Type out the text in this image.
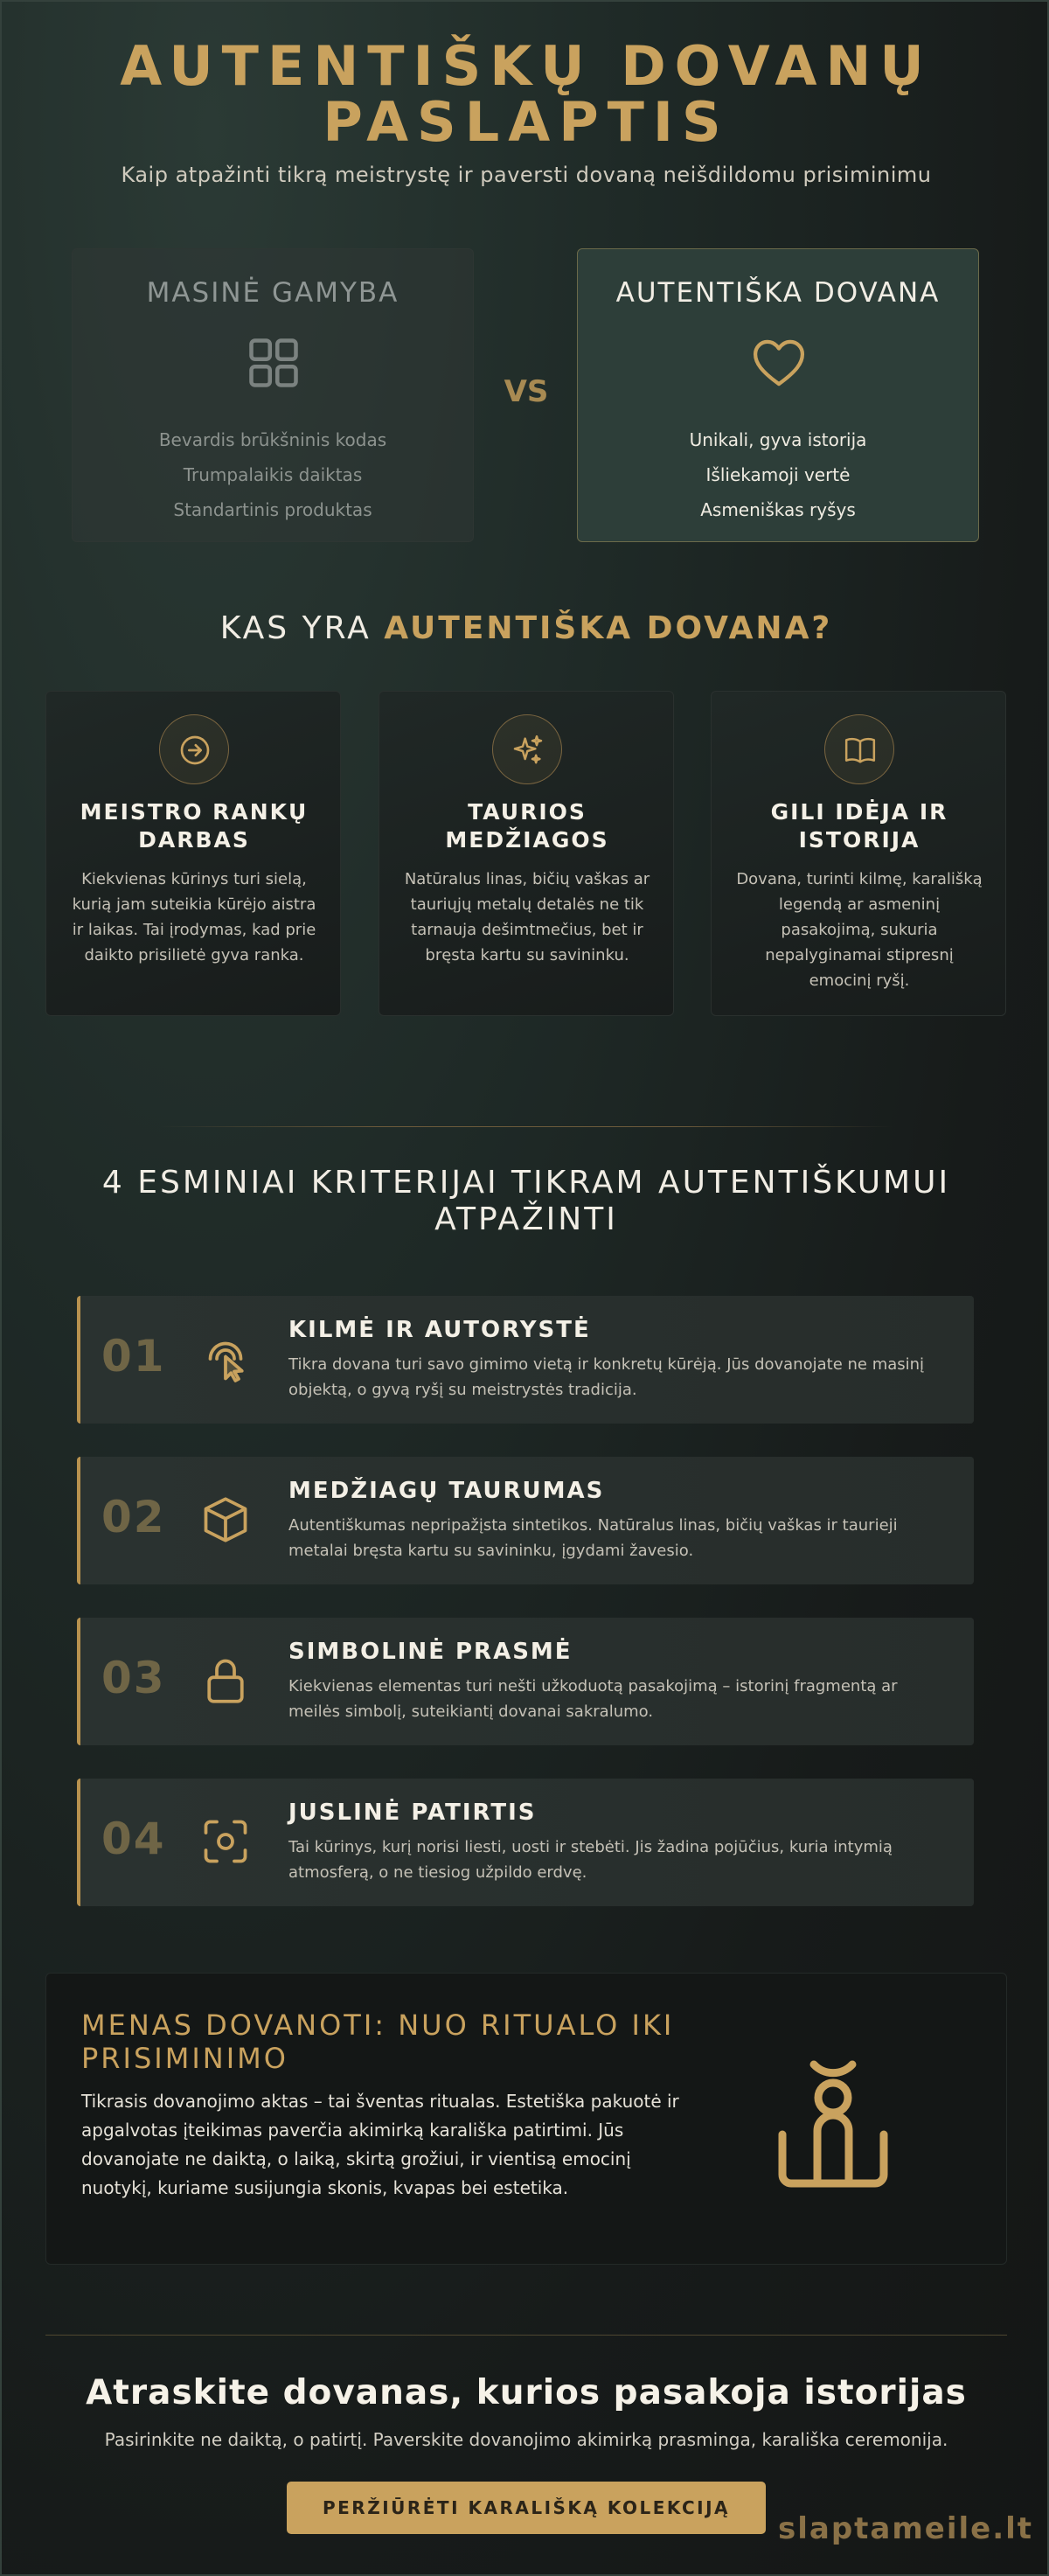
AUTENTIŠKŲ DOVANŲ
PASLAPTIS
Kaip atpažinti tikrą meistrystę ir paversti dovaną neišdildomu prisiminimu
MASINĖ GAMYBA
Bevardis brūkšninis kodas
Trumpalaikis daiktas
Standartinis produktas
VS
AUTENTIŠKA DOVANA
Unikali, gyva istorija
Išliekamoji vertė
Asmeniškas ryšys
KAS YRA AUTENTIŠKA DOVANA?
MEISTRO RANKŲ DARBAS
Kiekvienas kūrinys turi sielą, kurią jam suteikia kūrėjo aistra ir laikas. Tai įrodymas, kad prie daikto prisilietė gyva ranka.
TAURIOS MEDŽIAGOS
Natūralus linas, bičių vaškas ar tauriųjų metalų detalės ne tik tarnauja dešimtmečius, bet ir bręsta kartu su savininku.
GILI IDĖJA IR ISTORIJA
Dovana, turinti kilmę, karališką legendą ar asmeninį pasakojimą, sukuria nepalyginamai stipresnį emocinį ryšį.
4 ESMINIAI KRITERIJAI TIKRAM AUTENTIŠKUMUI ATPAŽINTI
01
KILMĖ IR AUTORYSTĖ
Tikra dovana turi savo gimimo vietą ir konkretų kūrėją. Jūs dovanojate ne masinį objektą, o gyvą ryšį su meistrystės tradicija.
02
MEDŽIAGŲ TAURUMAS
Autentiškumas nepripažįsta sintetikos. Natūralus linas, bičių vaškas ir taurieji metalai bręsta kartu su savininku, įgydami žavesio.
03
SIMBOLINĖ PRASMĖ
Kiekvienas elementas turi nešti užkoduotą pasakojimą – istorinį fragmentą ar meilės simbolį, suteikiantį dovanai sakralumo.
04
JUSLINĖ PATIRTIS
Tai kūrinys, kurį norisi liesti, uosti ir stebėti. Jis žadina pojūčius, kuria intymią atmosferą, o ne tiesiog užpildo erdvę.
MENAS DOVANOTI: NUO RITUALO IKI PRISIMINIMO
Tikrasis dovanojimo aktas – tai šventas ritualas. Estetiška pakuotė ir apgalvotas įteikimas paverčia akimirką karališka patirtimi. Jūs dovanojate ne daiktą, o laiką, skirtą grožiui, ir vientisą emocinį nuotykį, kuriame susijungia skonis, kvapas bei estetika.
Atraskite dovanas, kurios pasakoja istorijas
Pasirinkite ne daiktą, o patirtį. Paverskite dovanojimo akimirką prasminga, karališka ceremonija.
PERŽIŪRĖTI KARALIŠKĄ KOLEKCIJĄ
slaptameile.lt
